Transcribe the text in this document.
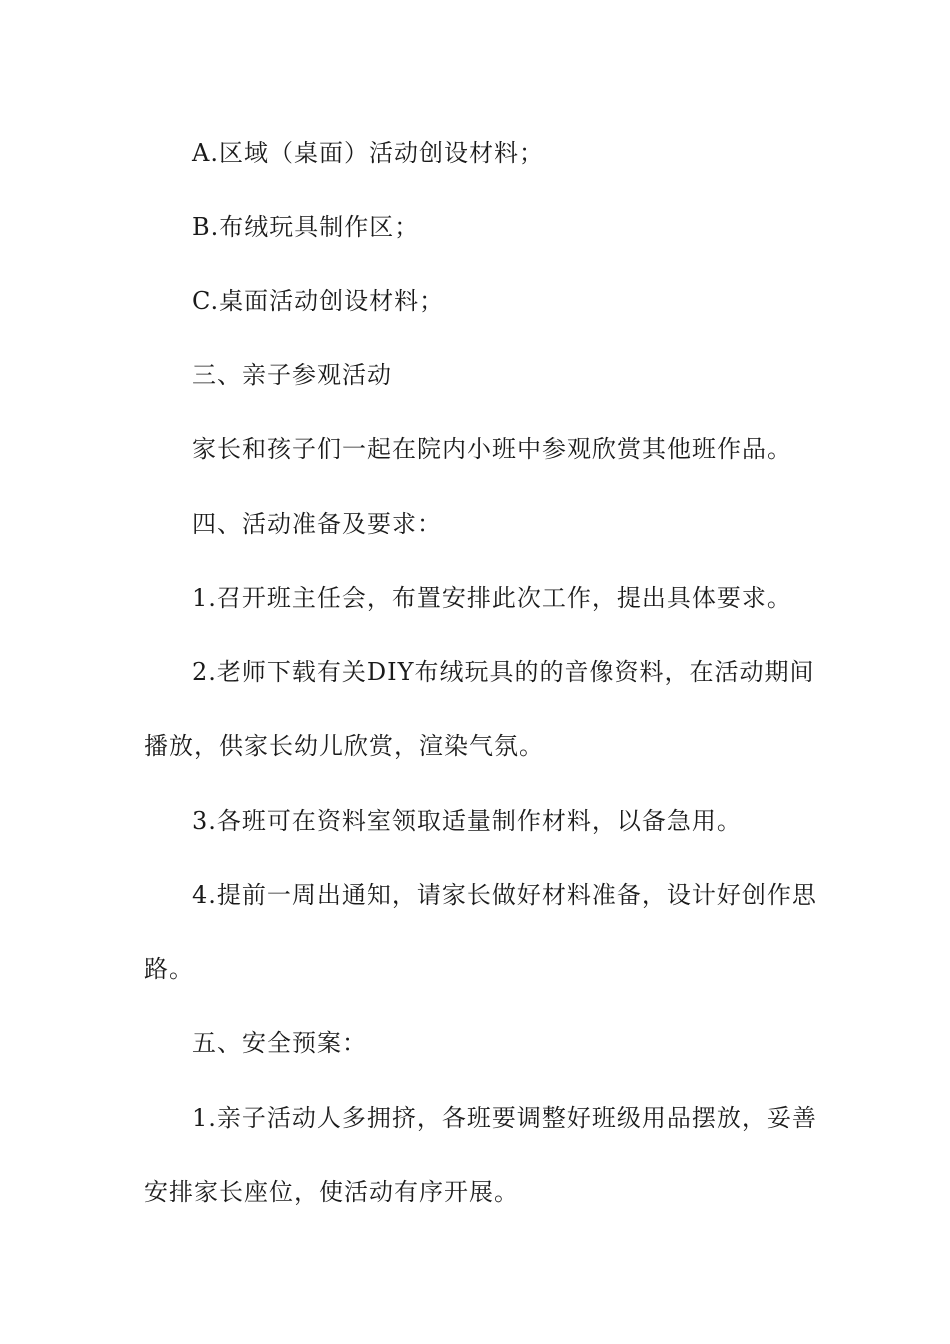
A.区域（桌面）活动创设材料；
B.布绒玩具制作区；
C.桌面活动创设材料；
三、亲子参观活动
家长和孩子们一起在院内小班中参观欣赏其他班作品。
四、活动准备及要求：
1.召开班主任会，布置安排此次工作，提出具体要求。
2.老师下载有关DIY布绒玩具的的音像资料，在活动期间
播放，供家长幼儿欣赏，渲染气氛。
3.各班可在资料室领取适量制作材料，以备急用。
4.提前一周出通知，请家长做好材料准备，设计好创作思
路。
五、安全预案：
1.亲子活动人多拥挤，各班要调整好班级用品摆放，妥善
安排家长座位，使活动有序开展。
